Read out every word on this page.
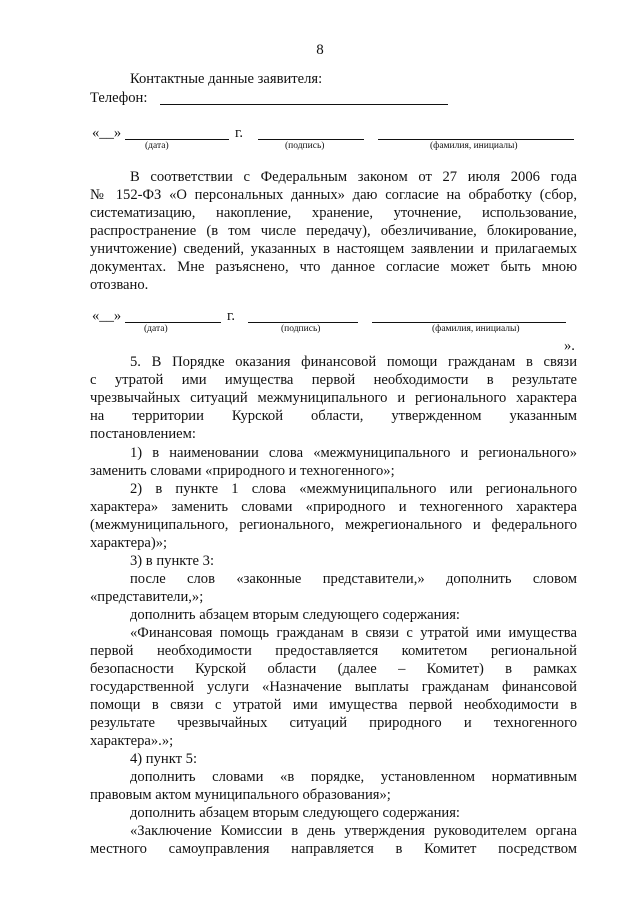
8
Контактные данные заявителя:
Телефон:
«__»	г.
(дата)	(подпись)	(фамилия, инициалы)
В соответствии с Федеральным законом от 27 июля 2006 года
№ 152-ФЗ «О персональных данных» даю согласие на обработку (сбор,
систематизацию, накопление, хранение, уточнение, использование,
распространение (в том числе передачу), обезличивание, блокирование,
уничтожение) сведений, указанных в настоящем заявлении и прилагаемых
документах. Мне разъяснено, что данное согласие может быть мною
отозвано.
«__»	г.
(дата)	(подпись)	(фамилия, инициалы)
».
5. В Порядке оказания финансовой помощи гражданам в связи
с утратой ими имущества первой необходимости в результате
чрезвычайных ситуаций межмуниципального и регионального характера
на территории Курской области, утвержденном указанным
постановлением:
1) в наименовании слова «межмуниципального и регионального»
заменить словами «природного и техногенного»;
2) в пункте 1 слова «межмуниципального или регионального
характера» заменить словами «природного и техногенного характера
(межмуниципального, регионального, межрегионального и федерального
характера)»;
3) в пункте 3:
после слов «законные представители,» дополнить словом
«представители,»;
дополнить абзацем вторым следующего содержания:
«Финансовая помощь гражданам в связи с утратой ими имущества
первой необходимости предоставляется комитетом региональной
безопасности Курской области (далее – Комитет) в рамках
государственной услуги «Назначение выплаты гражданам финансовой
помощи в связи с утратой ими имущества первой необходимости в
результате чрезвычайных ситуаций природного и техногенного
характера».»;
4) пункт 5:
дополнить словами «в порядке, установленном нормативным
правовым актом муниципального образования»;
дополнить абзацем вторым следующего содержания:
«Заключение Комиссии в день утверждения руководителем органа
местного самоуправления направляется в Комитет посредством
